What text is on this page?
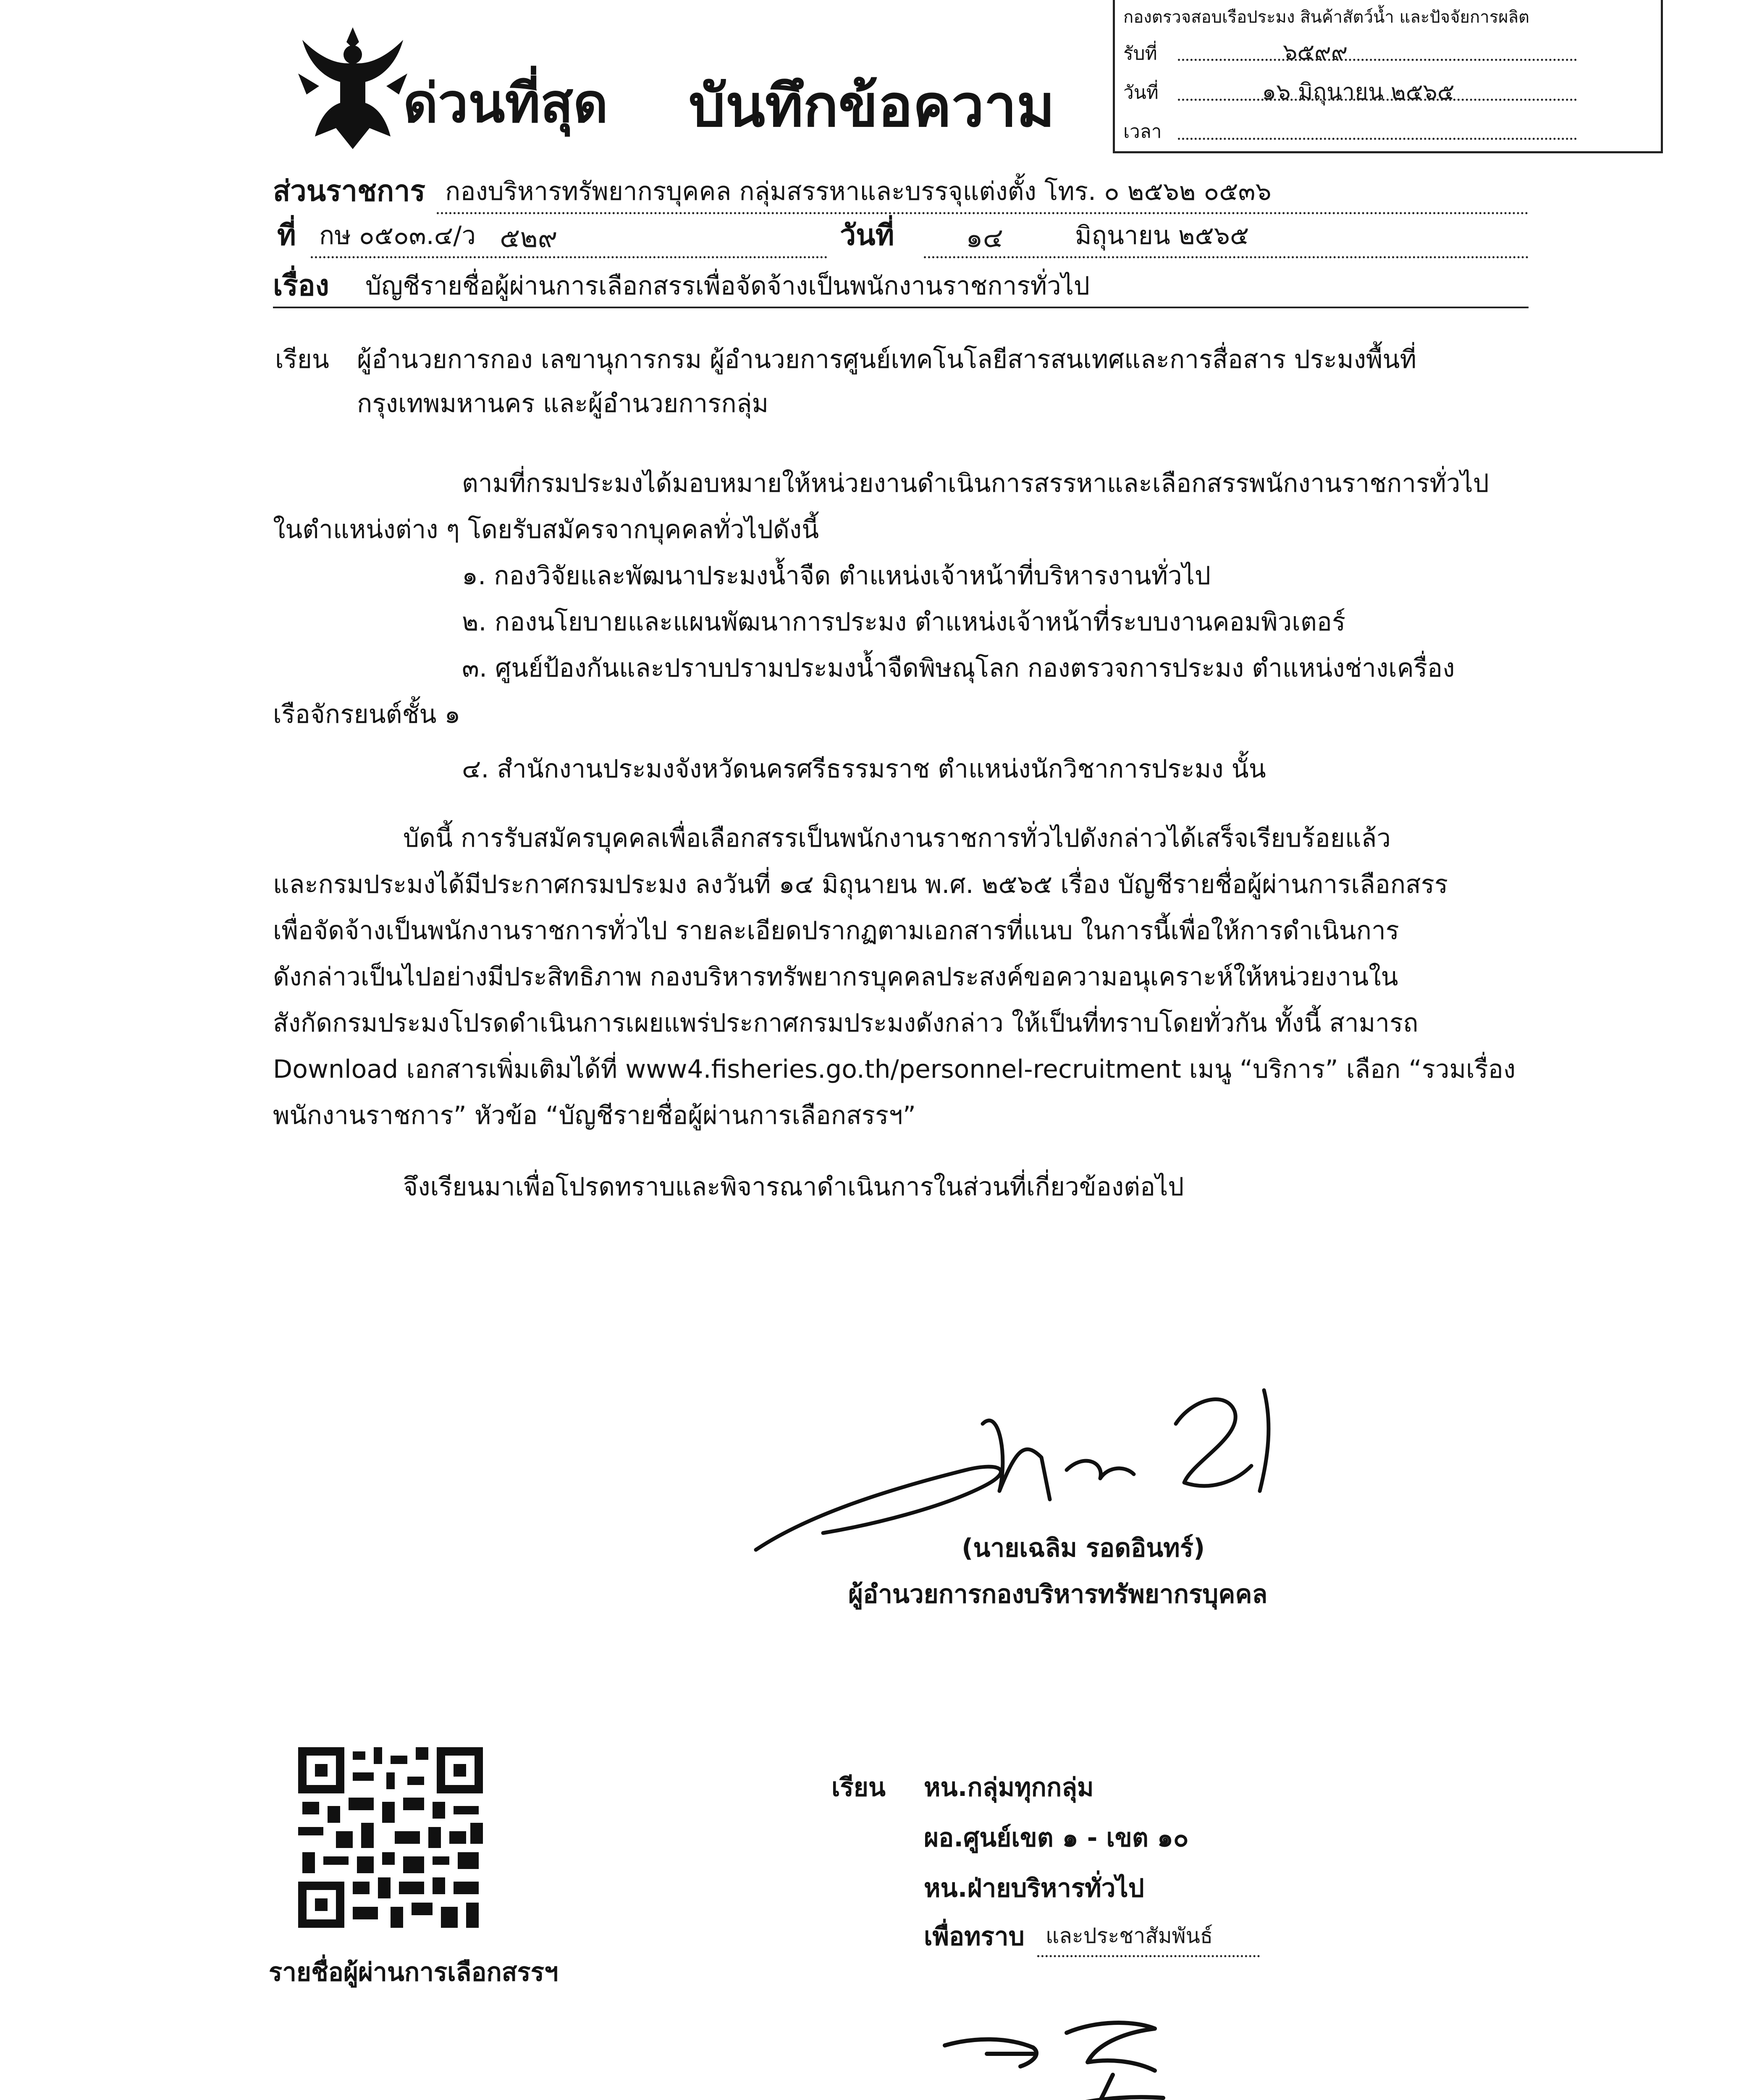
ด่วนที่สุด บันทึกข้อความ
กองตรวจสอบเรือประมง สินค้าสัตว์น้ำ และปัจจัยการผลิต
รับที่	๖๕๙๙
วันที่	๑๖ มิถุนายน ๒๕๖๕
เวลา
ส่วนราชการ กองบริหารทรัพยากรบุคคล กลุ่มสรรหาและบรรจุแต่งตั้ง โทร. ๐ ๒๕๖๒ ๐๕๓๖
ที่ กษ ๐๕๐๓.๔/ว ๕๒๙	วันที่	๑๔	มิถุนายน ๒๕๖๕
เรื่อง บัญชีรายชื่อผู้ผ่านการเลือกสรรเพื่อจัดจ้างเป็นพนักงานราชการทั่วไป
เรียน ผู้อำนวยการกอง เลขานุการกรม ผู้อำนวยการศูนย์เทคโนโลยีสารสนเทศและการสื่อสาร ประมงพื้นที่
กรุงเทพมหานคร และผู้อำนวยการกลุ่ม
ตามที่กรมประมงได้มอบหมายให้หน่วยงานดำเนินการสรรหาและเลือกสรรพนักงานราชการทั่วไป
ในตำแหน่งต่าง ๆ โดยรับสมัครจากบุคคลทั่วไปดังนี้
๑. กองวิจัยและพัฒนาประมงน้ำจืด ตำแหน่งเจ้าหน้าที่บริหารงานทั่วไป
๒. กองนโยบายและแผนพัฒนาการประมง ตำแหน่งเจ้าหน้าที่ระบบงานคอมพิวเตอร์
๓. ศูนย์ป้องกันและปราบปรามประมงน้ำจืดพิษณุโลก กองตรวจการประมง ตำแหน่งช่างเครื่อง
เรือจักรยนต์ชั้น ๑
๔. สำนักงานประมงจังหวัดนครศรีธรรมราช ตำแหน่งนักวิชาการประมง นั้น
บัดนี้ การรับสมัครบุคคลเพื่อเลือกสรรเป็นพนักงานราชการทั่วไปดังกล่าวได้เสร็จเรียบร้อยแล้ว
และกรมประมงได้มีประกาศกรมประมง ลงวันที่ ๑๔ มิถุนายน พ.ศ. ๒๕๖๕ เรื่อง บัญชีรายชื่อผู้ผ่านการเลือกสรร
เพื่อจัดจ้างเป็นพนักงานราชการทั่วไป รายละเอียดปรากฏตามเอกสารที่แนบ ในการนี้เพื่อให้การดำเนินการ
ดังกล่าวเป็นไปอย่างมีประสิทธิภาพ กองบริหารทรัพยากรบุคคลประสงค์ขอความอนุเคราะห์ให้หน่วยงานใน
สังกัดกรมประมงโปรดดำเนินการเผยแพร่ประกาศกรมประมงดังกล่าว ให้เป็นที่ทราบโดยทั่วกัน ทั้งนี้ สามารถ
Download เอกสารเพิ่มเติมได้ที่ www4.fisheries.go.th/personnel-recruitment เมนู “บริการ” เลือก “รวมเรื่อง
พนักงานราชการ” หัวข้อ “บัญชีรายชื่อผู้ผ่านการเลือกสรรฯ”
จึงเรียนมาเพื่อโปรดทราบและพิจารณาดำเนินการในส่วนที่เกี่ยวข้องต่อไป
(นายเฉลิม รอดอินทร์)
ผู้อำนวยการกองบริหารทรัพยากรบุคคล
รายชื่อผู้ผ่านการเลือกสรรฯ
เรียน หน.กลุ่มทุกกลุ่ม
ผอ.ศูนย์เขต ๑ - เขต ๑๐
หน.ฝ่ายบริหารทั่วไป
เพื่อทราบ และประชาสัมพันธ์
